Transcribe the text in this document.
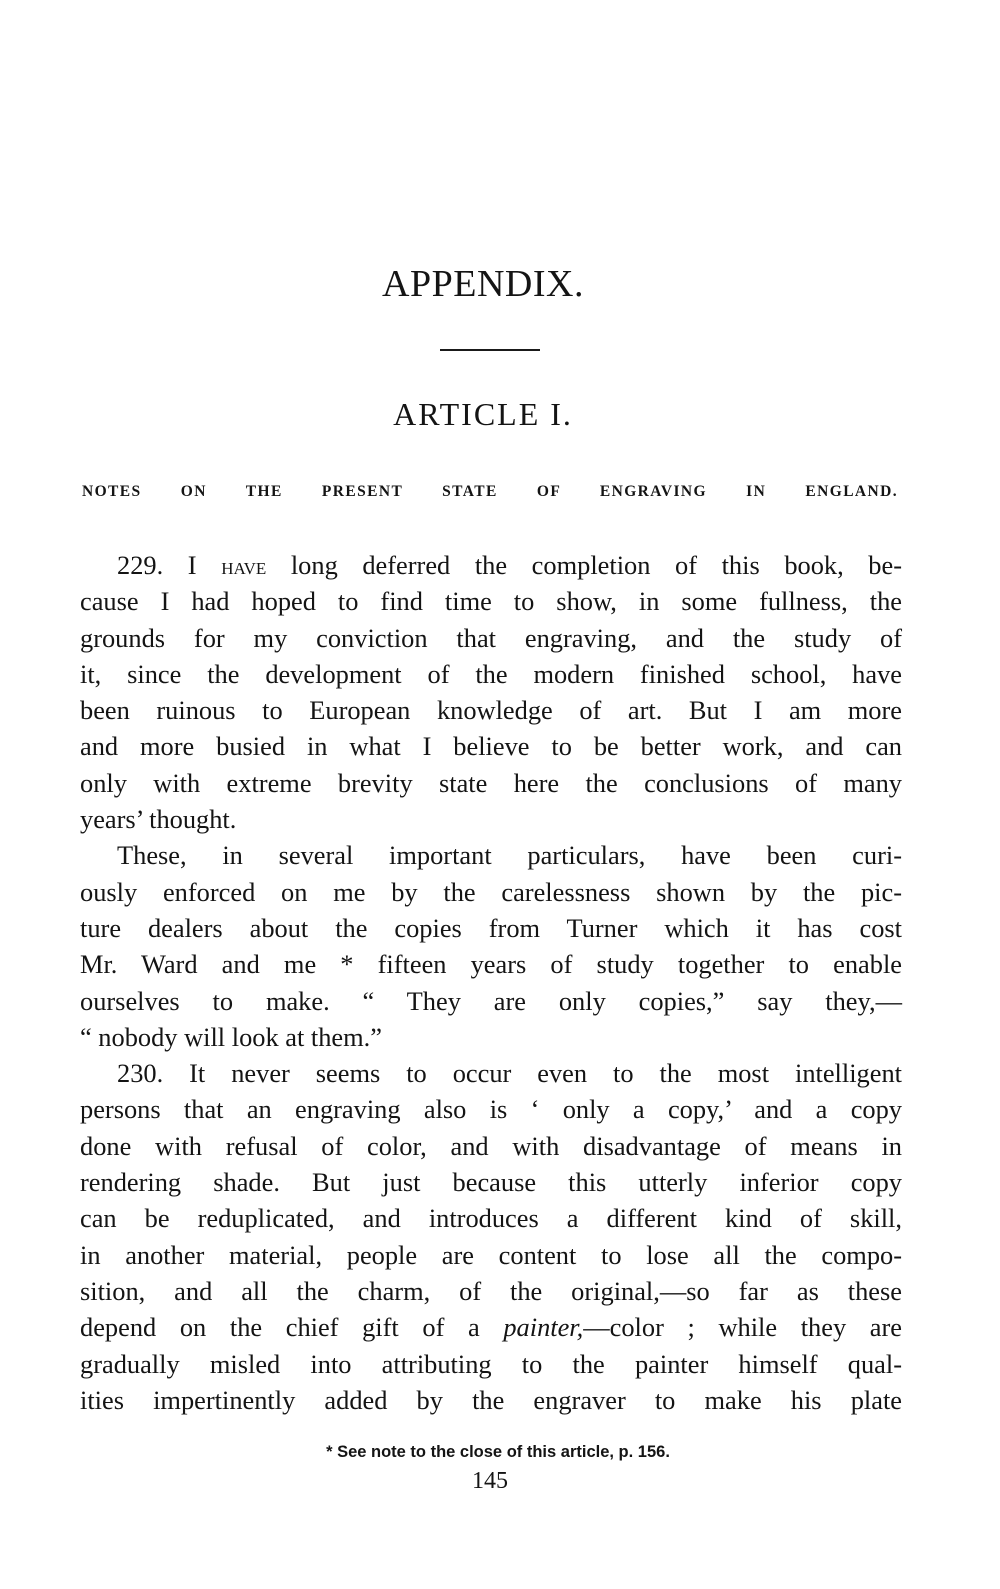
APPENDIX.
ARTICLE I.
NOTES ON THE PRESENT STATE OF ENGRAVING IN ENGLAND.
229. I have long deferred the completion of this book, be-
cause I had hoped to find time to show, in some fullness, the
grounds for my conviction that engraving, and the study of
it, since the development of the modern finished school, have
been ruinous to European knowledge of art. But I am more
and more busied in what I believe to be better work, and can
only with extreme brevity state here the conclusions of many
years’ thought.
These, in several important particulars, have been curi-
ously enforced on me by the carelessness shown by the pic-
ture dealers about the copies from Turner which it has cost
Mr. Ward and me * fifteen years of study together to enable
ourselves to make. “ They are only copies,” say they,—
“ nobody will look at them.”
230. It never seems to occur even to the most intelligent
persons that an engraving also is ‘ only a copy,’ and a copy
done with refusal of color, and with disadvantage of means in
rendering shade. But just because this utterly inferior copy
can be reduplicated, and introduces a different kind of skill,
in another material, people are content to lose all the compo-
sition, and all the charm, of the original,—so far as these
depend on the chief gift of a painter,—color ; while they are
gradually misled into attributing to the painter himself qual-
ities impertinently added by the engraver to make his plate
* See note to the close of this article, p. 156.
145
